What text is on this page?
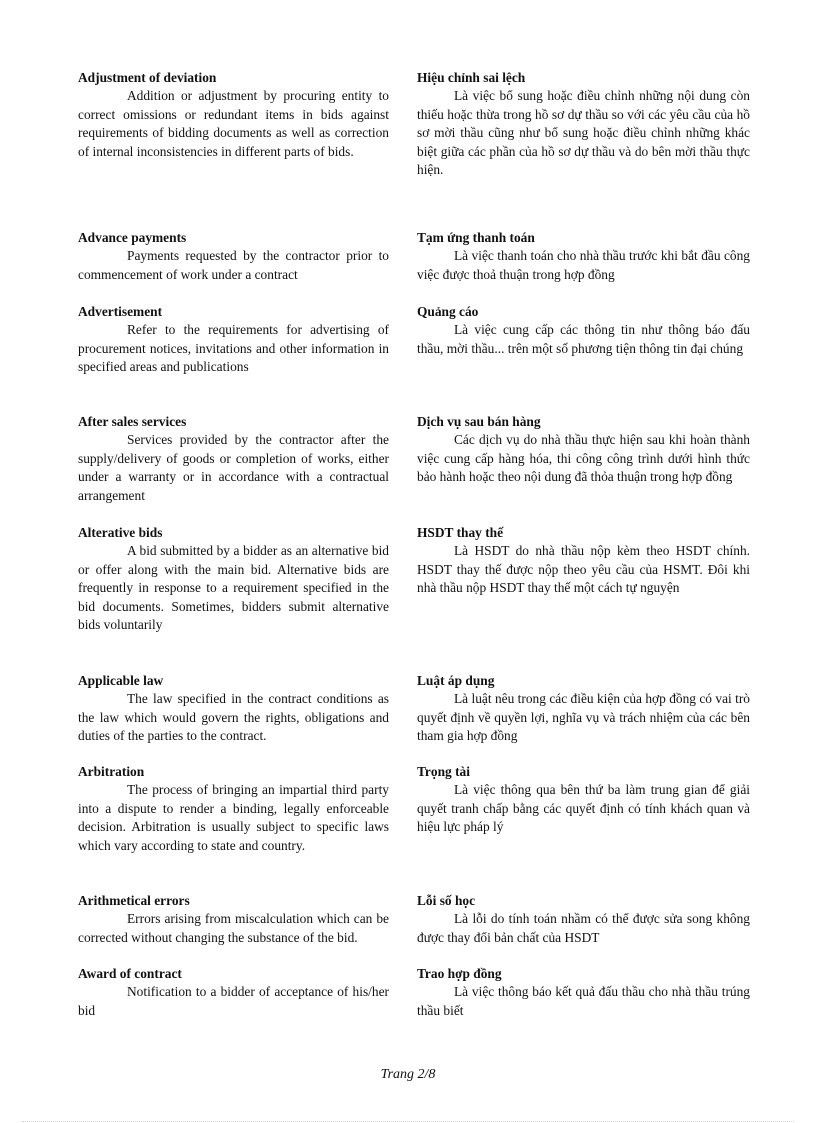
Adjustment of deviation

Addition or adjustment by procuring entity to correct omissions or redundant items in bids against requirements of bidding documents as well as correction of internal inconsistencies in different parts of bids.

Advance payments

Payments requested by the contractor prior to commencement of work under a contract

Advertisement

Refer to the requirements for advertising of procurement notices, invitations and other information in specified areas and publications

After sales services

Services provided by the contractor after the supply/delivery of goods or completion of works, either under a warranty or in accordance with a contractual arrangement

Alterative bids

A bid submitted by a bidder as an alternative bid or offer along with the main bid. Alternative bids are frequently in response to a requirement specified in the bid documents. Sometimes, bidders submit alternative bids voluntarily

Applicable law

The law specified in the contract conditions as the law which would govern the rights, obligations and duties of the parties to the contract.

Arbitration

The process of bringing an impartial third party into a dispute to render a binding, legally enforceable decision. Arbitration is usually subject to specific laws which vary according to state and country.

Arithmetical errors

Errors arising from miscalculation which can be corrected without changing the substance of the bid.

Award of contract

Notification to a bidder of acceptance of his/her bid

Hiệu chỉnh sai lệch

Là việc bổ sung hoặc điều chỉnh những nội dung còn thiếu hoặc thừa trong hồ sơ dự thầu so với các yêu cầu của hồ sơ mời thầu cũng như bổ sung hoặc điều chỉnh những khác biệt giữa các phần của hồ sơ dự thầu và do bên mời thầu thực hiện.

Tạm ứng thanh toán

Là việc thanh toán cho nhà thầu trước khi bắt đầu công việc được thoả thuận trong hợp đồng

Quảng cáo

Là việc cung cấp các thông tin như thông báo đấu thầu, mời thầu... trên một số phương tiện thông tin đại chúng

Dịch vụ sau bán hàng

Các dịch vụ do nhà thầu thực hiện sau khi hoàn thành việc cung cấp hàng hóa, thi công công trình dưới hình thức bảo hành hoặc theo nội dung đã thỏa thuận trong hợp đồng

HSDT thay thế

Là HSDT do nhà thầu nộp kèm theo HSDT chính. HSDT thay thế được nộp theo yêu cầu của HSMT. Đôi khi nhà thầu nộp HSDT thay thế một cách tự nguyện

Luật áp dụng

Là luật nêu trong các điều kiện của hợp đồng có vai trò quyết định về quyền lợi, nghĩa vụ và trách nhiệm của các bên tham gia hợp đồng

Trọng tài

Là việc thông qua bên thứ ba làm trung gian để giải quyết tranh chấp bằng các quyết định có tính khách quan và hiệu lực pháp lý

Lỗi số học

Là lỗi do tính toán nhầm có thể được sửa song không được thay đổi bản chất của HSDT

Trao hợp đồng

Là việc thông báo kết quả đấu thầu cho nhà thầu trúng thầu biết

Trang 2/8
